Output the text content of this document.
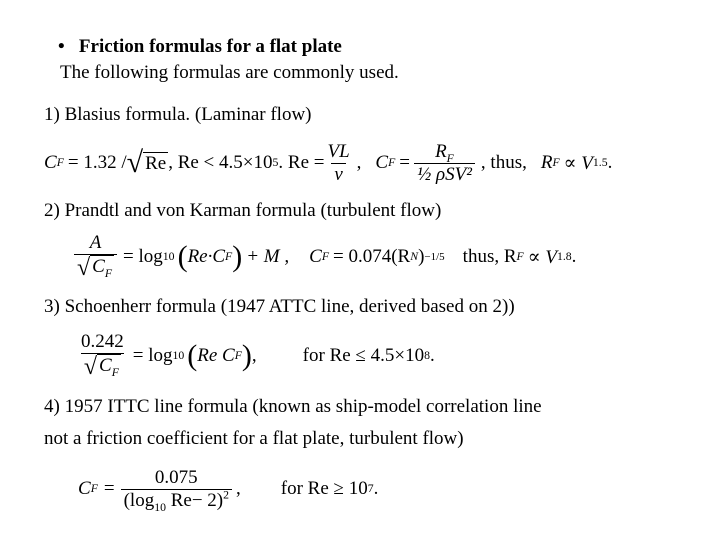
• Friction formulas for a flat plate
The following formulas are commonly used.
1) Blasius formula. (Laminar flow)
C F = 1.32 / √ Re , Re < 4.5×10 5 . $Re = \frac{VL}{\nu}$ , C $F = \frac{R_F}{\text{½ ρSV²}}$ , thus, R F ∝ V 1.5 .
2) Prandtl and von Karman formula (turbulent flow)
$\frac{A}{√ C_F} = \log 10$ ( Re·C F ) + M , C F = 0.074(R N ) −1/5 thus, R F ∝ V 1.8 .
3) Schoenherr formula (1947 ATTC line, derived based on 2))
$\frac{0.242}{√ C_F} = \log 10$ ( Re C F ) , for Re ≤ 4.5×10 8 .
4) 1957 ITTC line formula (known as ship-model correlation line
not a friction coefficient for a flat plate, turbulent flow)
C $F = \frac{0.075}{(\log_{10} Re- 2)^2}$ , for Re ≥ 10 7 .
